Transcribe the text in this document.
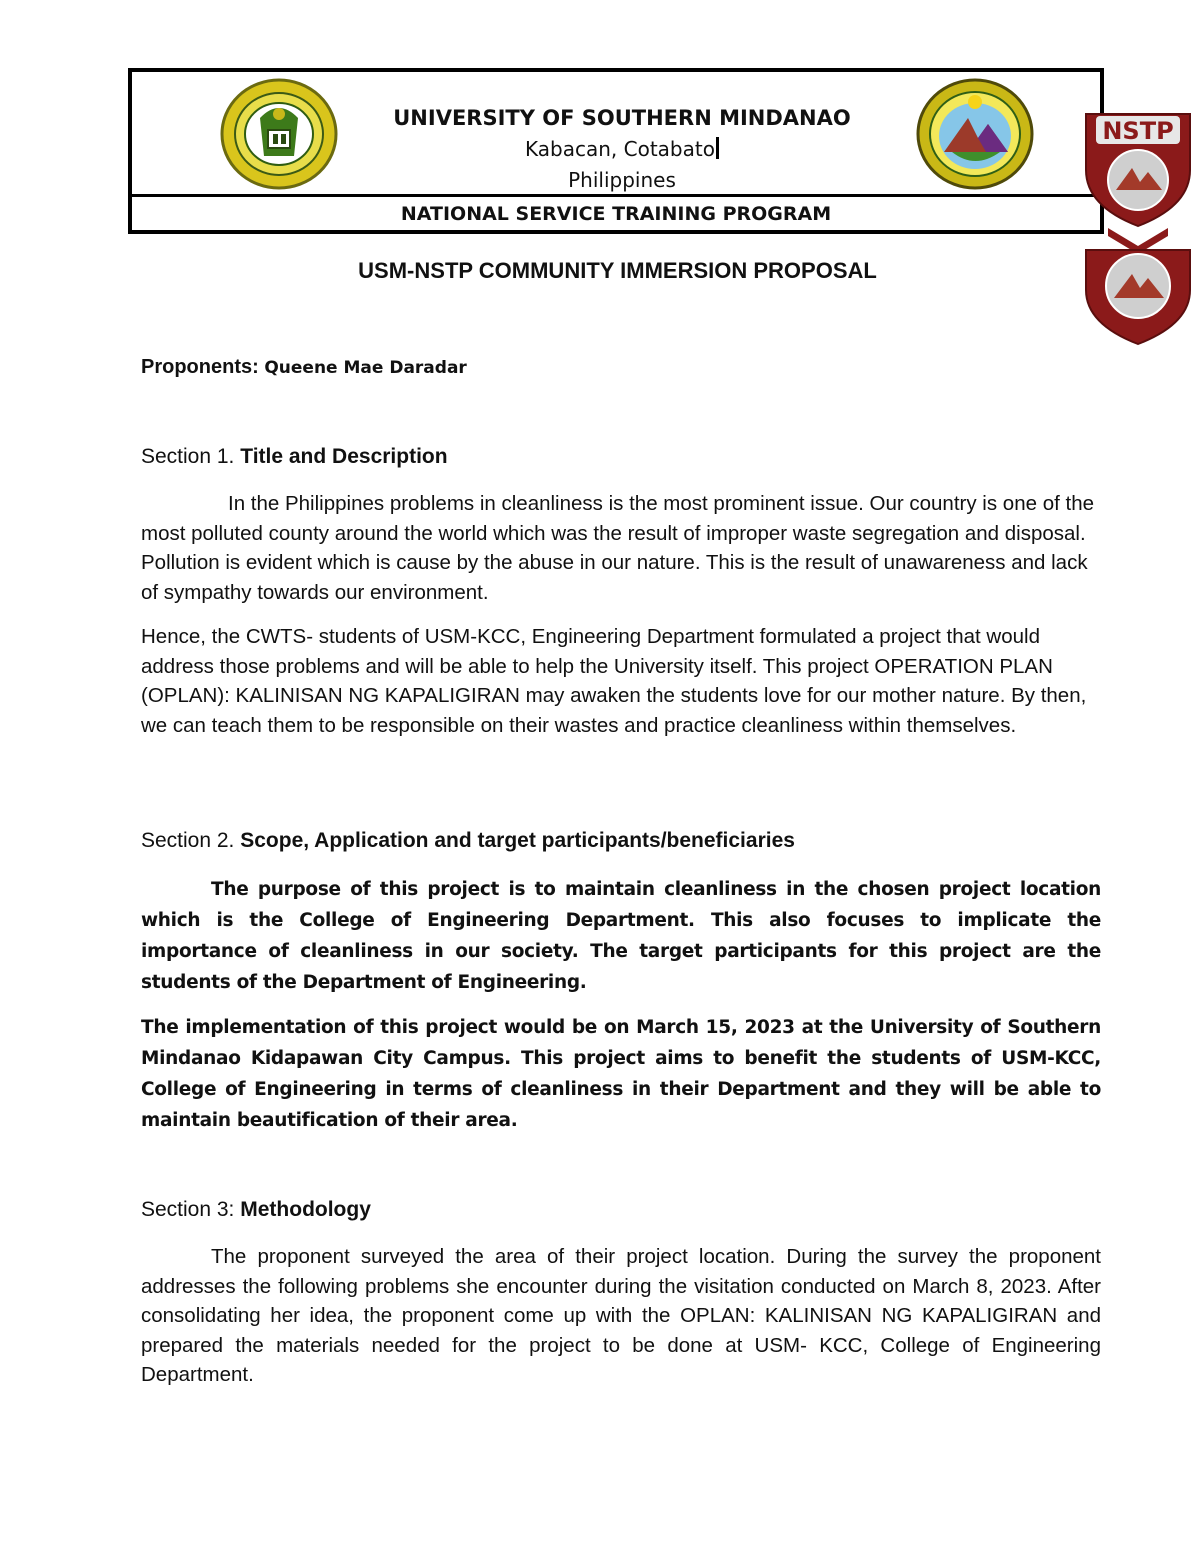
UNIVERSITY OF SOUTHERN MINDANAO
Kabacan, Cotabato
Philippines
NATIONAL SERVICE TRAINING PROGRAM
NSTP
USM-NSTP COMMUNITY IMMERSION PROPOSAL
Proponents: Queene Mae Daradar
Section 1. Title and Description

In the Philippines problems in cleanliness is the most prominent issue. Our country is one of the most polluted county around the world which was the result of improper waste segregation and disposal. Pollution is evident which is cause by the abuse in our nature. This is the result of unawareness and lack of sympathy towards our environment.

Hence, the CWTS- students of USM-KCC, Engineering Department formulated a project that would address those problems and will be able to help the University itself. This project OPERATION PLAN (OPLAN): KALINISAN NG KAPALIGIRAN may awaken the students love for our mother nature. By then, we can teach them to be responsible on their wastes and practice cleanliness within themselves.

Section 2. Scope, Application and target participants/beneficiaries

The purpose of this project is to maintain cleanliness in the chosen project location which is the College of Engineering Department. This also focuses to implicate the importance of cleanliness in our society. The target participants for this project are the students of the Department of Engineering.

The implementation of this project would be on March 15, 2023 at the University of Southern Mindanao Kidapawan City Campus. This project aims to benefit the students of USM-KCC, College of Engineering in terms of cleanliness in their Department and they will be able to maintain beautification of their area.

Section 3: Methodology

The proponent surveyed the area of their project location. During the survey the proponent addresses the following problems she encounter during the visitation conducted on March 8, 2023. After consolidating her idea, the proponent come up with the OPLAN: KALINISAN NG KAPALIGIRAN and prepared the materials needed for the project to be done at USM- KCC, College of Engineering Department.
